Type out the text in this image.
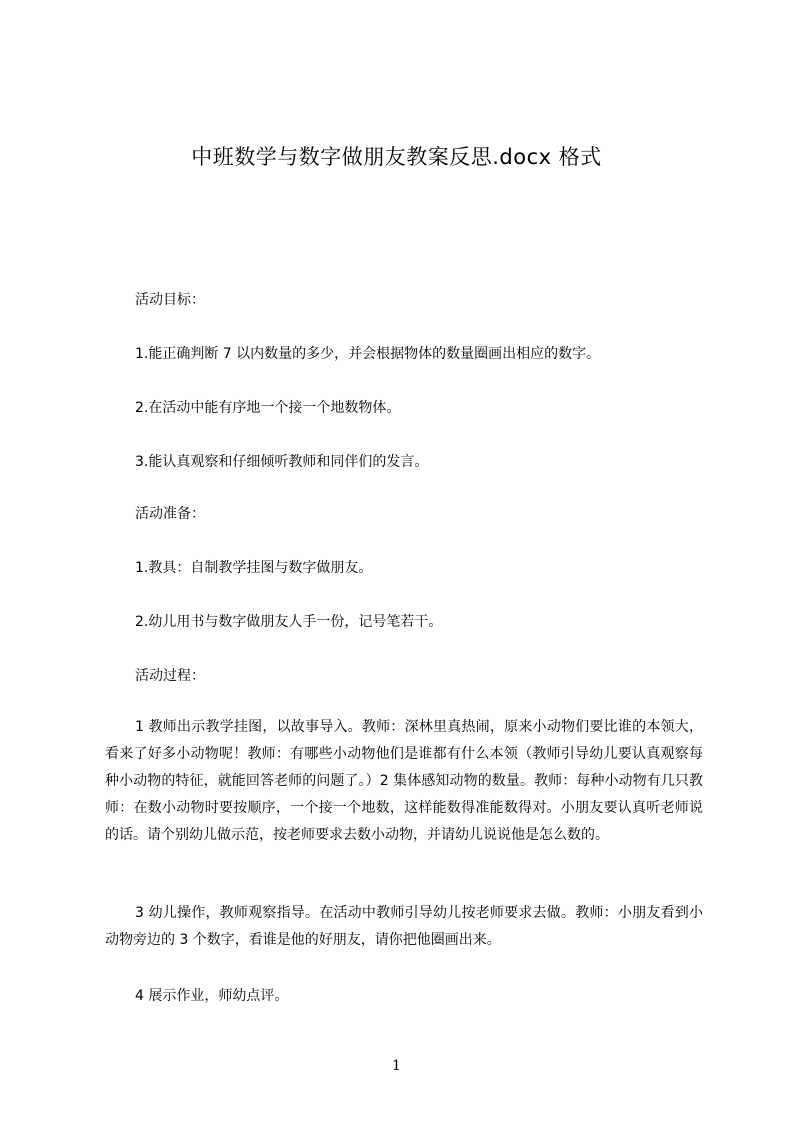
中班数学与数字做朋友教案反思.docx 格式
活动目标：
1.能正确判断 7 以内数量的多少，并会根据物体的数量圈画出相应的数字。
2.在活动中能有序地一个接一个地数物体。
3.能认真观察和仔细倾听教师和同伴们的发言。
活动准备：
1.教具：自制教学挂图与数字做朋友。
2.幼儿用书与数字做朋友人手一份，记号笔若干。
活动过程：

1 教师出示教学挂图，以故事导入。教师：深林里真热闹，原来小动物们要比谁的本领大，看来了好多小动物呢！教师：有哪些小动物他们是谁都有什么本领（教师引导幼儿要认真观察每种小动物的特征，就能回答老师的问题了。）2 集体感知动物的数量。教师：每种小动物有几只教师：在数小动物时要按顺序，一个接一个地数，这样能数得准能数得对。小朋友要认真听老师说的话。请个别幼儿做示范，按老师要求去数小动物，并请幼儿说说他是怎么数的。

3 幼儿操作，教师观察指导。在活动中教师引导幼儿按老师要求去做。教师：小朋友看到小动物旁边的 3 个数字，看谁是他的好朋友，请你把他圈画出来。

4 展示作业，师幼点评。

1
